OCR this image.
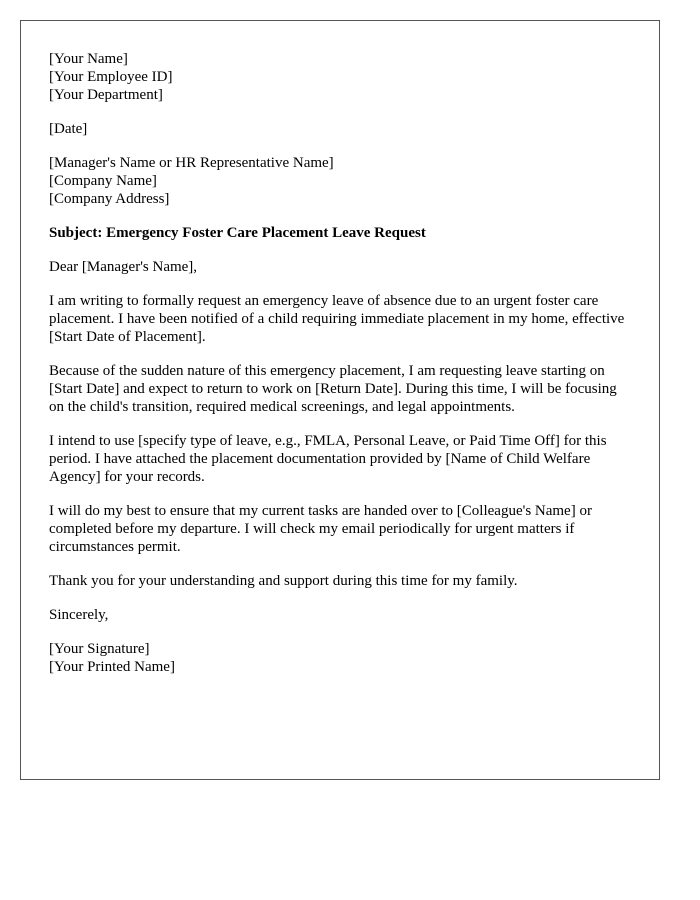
[Your Name]
[Your Employee ID]
[Your Department]
[Date]
[Manager's Name or HR Representative Name]
[Company Name]
[Company Address]
Subject: Emergency Foster Care Placement Leave Request

Dear [Manager's Name],

I am writing to formally request an emergency leave of absence due to an urgent foster care placement. I have been notified of a child requiring immediate placement in my home, effective [Start Date of Placement].

Because of the sudden nature of this emergency placement, I am requesting leave starting on [Start Date] and expect to return to work on [Return Date]. During this time, I will be focusing on the child's transition, required medical screenings, and legal appointments.

I intend to use [specify type of leave, e.g., FMLA, Personal Leave, or Paid Time Off] for this period. I have attached the placement documentation provided by [Name of Child Welfare Agency] for your records.

I will do my best to ensure that my current tasks are handed over to [Colleague's Name] or completed before my departure. I will check my email periodically for urgent matters if circumstances permit.

Thank you for your understanding and support during this time for my family.

Sincerely,

[Your Signature]
[Your Printed Name]
